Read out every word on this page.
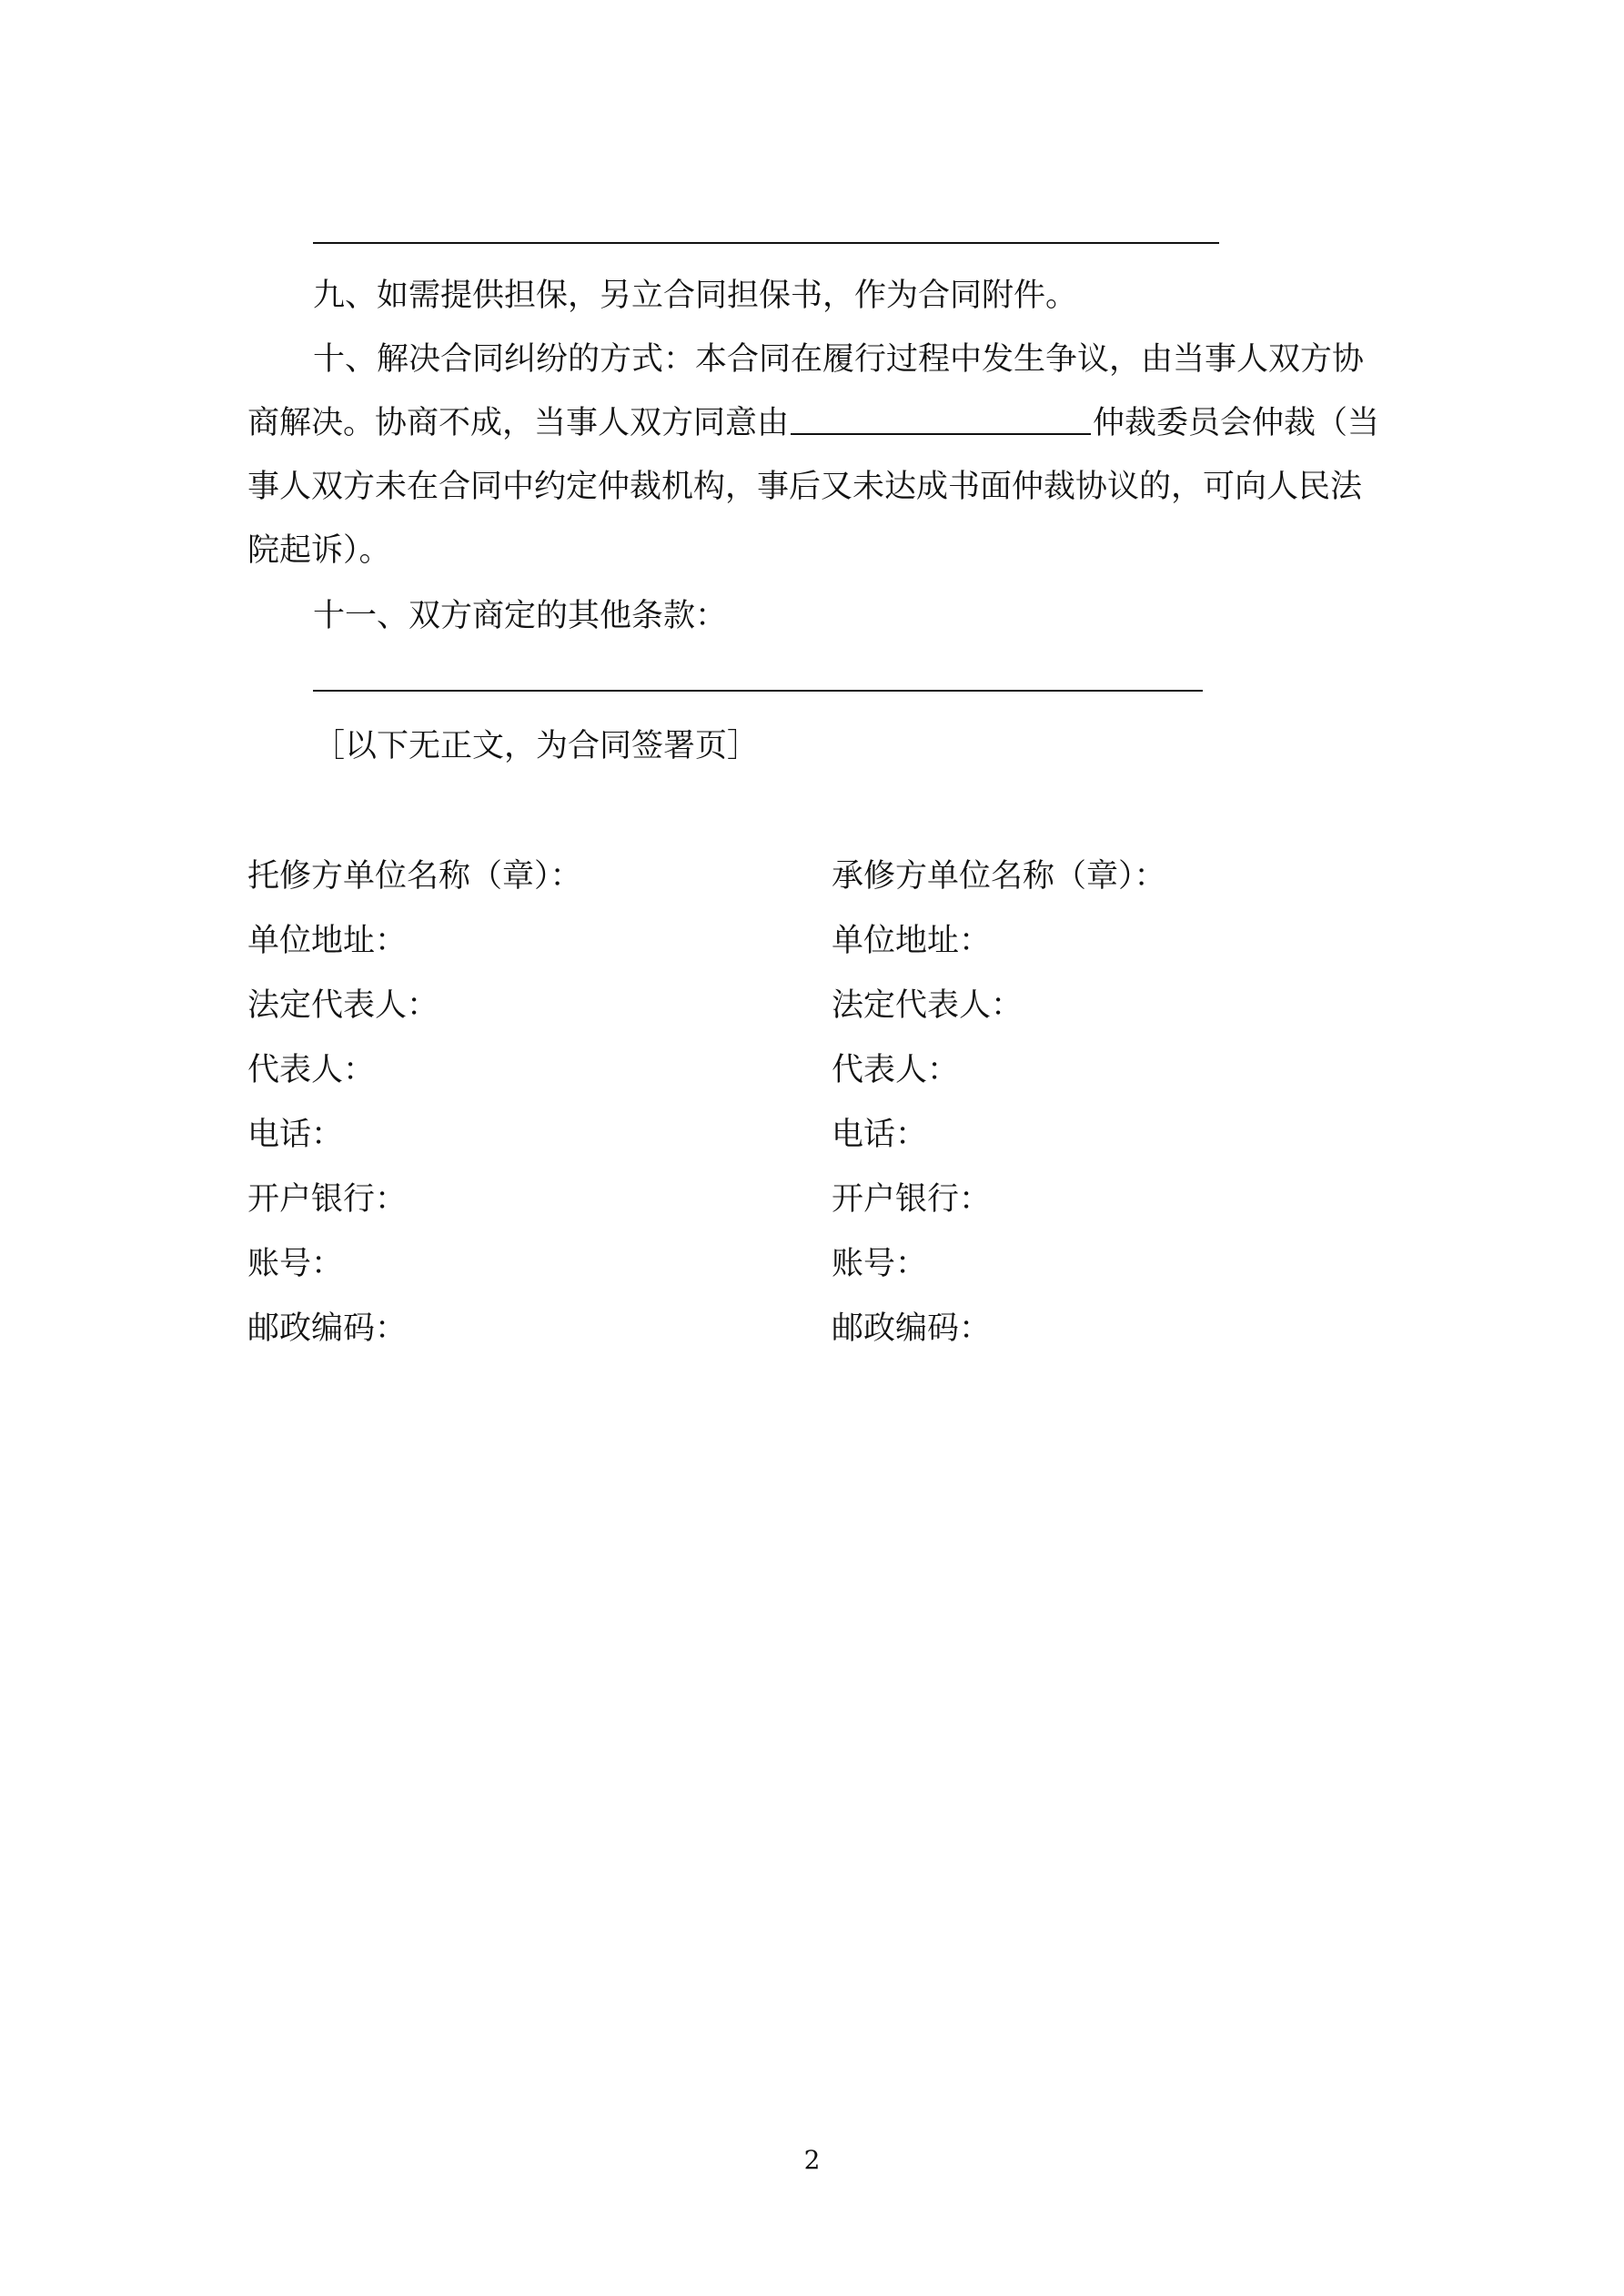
九、如需提供担保，另立合同担保书，作为合同附件。
十、解决合同纠纷的方式：本合同在履行过程中发生争议，由当事人双方协
商解决。协商不成，当事人双方同意由	仲裁委员会仲裁（当
事人双方未在合同中约定仲裁机构，事后又未达成书面仲裁协议的，可向人民法
院起诉）。
十一、双方商定的其他条款：
［以下无正文，为合同签署页］
托修方单位名称（章）：
单位地址：
法定代表人：
代表人：
电话：
开户银行：
账号：
邮政编码：
承修方单位名称（章）：
单位地址：
法定代表人：
代表人：
电话：
开户银行：
账号：
邮政编码：
2
